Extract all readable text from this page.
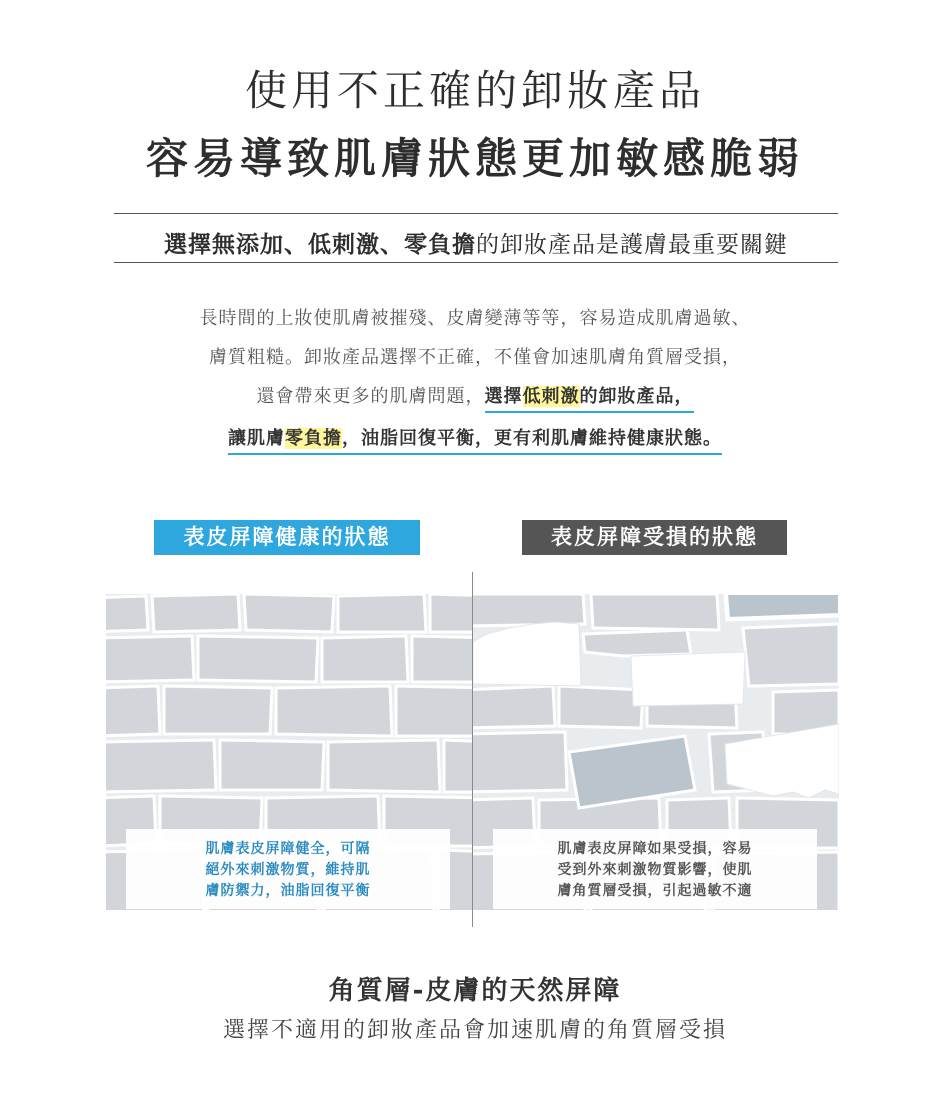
使用不正確的卸妝產品
容易導致肌膚狀態更加敏感脆弱
選擇無添加、低刺激、零負擔的卸妝產品是護膚最重要關鍵
長時間的上妝使肌膚被摧殘、皮膚變薄等等，容易造成肌膚過敏、
膚質粗糙。卸妝產品選擇不正確，不僅會加速肌膚角質層受損，
還會帶來更多的肌膚問題，選擇低刺激的卸妝產品，
讓肌膚零負擔，油脂回復平衡，更有利肌膚維持健康狀態。
表皮屏障健康的狀態	表皮屏障受損的狀態
肌膚表皮屏障健全，可隔
絕外來刺激物質，維持肌
膚防禦力，油脂回復平衡
肌膚表皮屏障如果受損，容易
受到外來刺激物質影響，使肌
膚角質層受損，引起過敏不適
角質層-皮膚的天然屏障
選擇不適用的卸妝產品會加速肌膚的角質層受損
